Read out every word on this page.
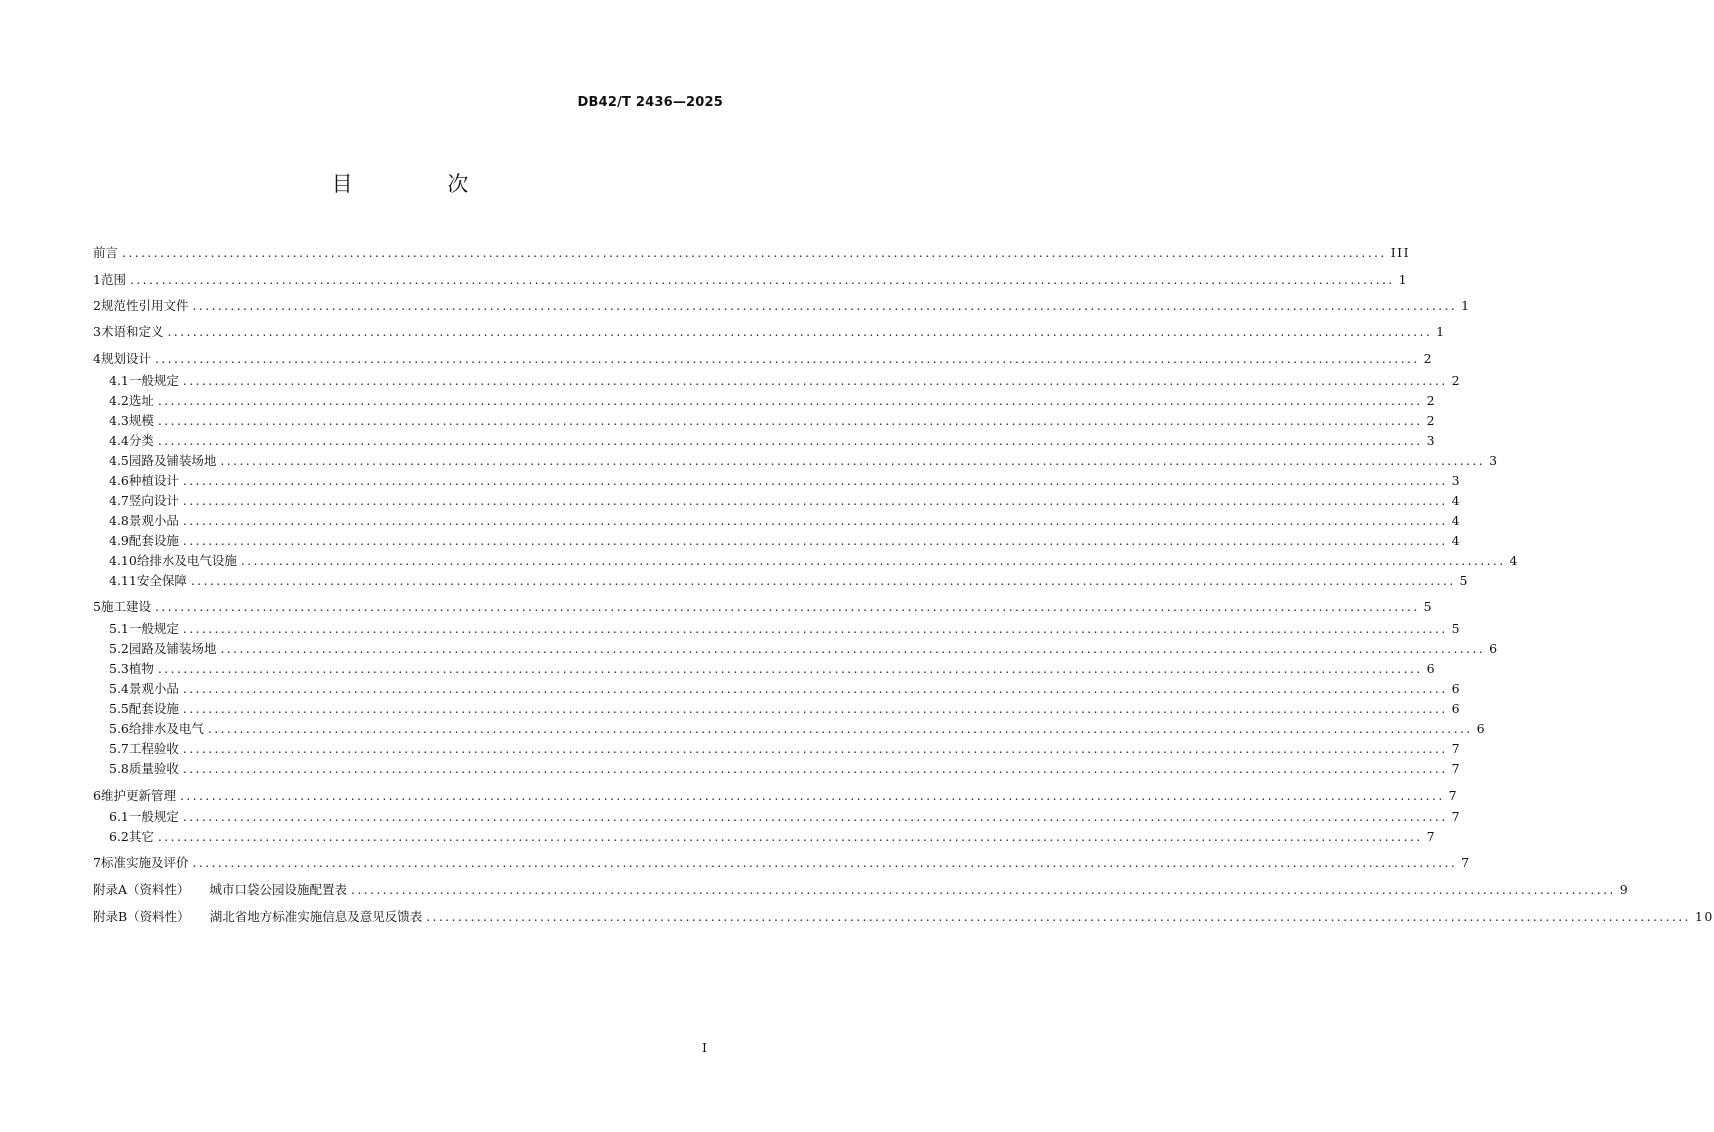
DB42/T 2436—2025
目 次
前言 ........................................................................................................................................................................................................ III
1 范围 ........................................................................................................................................................................................................ 1
2 规范性引用文件 ........................................................................................................................................................................................................ 1
3 术语和定义 ........................................................................................................................................................................................................ 1
4 规划设计 ........................................................................................................................................................................................................ 2
4.1 一般规定 ........................................................................................................................................................................................................ 2
4.2 选址 ........................................................................................................................................................................................................ 2
4.3 规模 ........................................................................................................................................................................................................ 2
4.4 分类 ........................................................................................................................................................................................................ 3
4.5 园路及铺装场地 ........................................................................................................................................................................................................ 3
4.6 种植设计 ........................................................................................................................................................................................................ 3
4.7 竖向设计 ........................................................................................................................................................................................................ 4
4.8 景观小品 ........................................................................................................................................................................................................ 4
4.9 配套设施 ........................................................................................................................................................................................................ 4
4.10 给排水及电气设施 ........................................................................................................................................................................................................ 4
4.11 安全保障 ........................................................................................................................................................................................................ 5
5 施工建设 ........................................................................................................................................................................................................ 5
5.1 一般规定 ........................................................................................................................................................................................................ 5
5.2 园路及铺装场地 ........................................................................................................................................................................................................ 6
5.3 植物 ........................................................................................................................................................................................................ 6
5.4 景观小品 ........................................................................................................................................................................................................ 6
5.5 配套设施 ........................................................................................................................................................................................................ 6
5.6 给排水及电气 ........................................................................................................................................................................................................ 6
5.7 工程验收 ........................................................................................................................................................................................................ 7
5.8 质量验收 ........................................................................................................................................................................................................ 7
6 维护更新管理 ........................................................................................................................................................................................................ 7
6.1 一般规定 ........................................................................................................................................................................................................ 7
6.2 其它 ........................................................................................................................................................................................................ 7
7 标准实施及评价 ........................................................................................................................................................................................................ 7
附录A（资料性） 城市口袋公园设施配置表 ........................................................................................................................................................................................................ 9
附录B（资料性） 湖北省地方标准实施信息及意见反馈表 ........................................................................................................................................................................................................ 10
I
